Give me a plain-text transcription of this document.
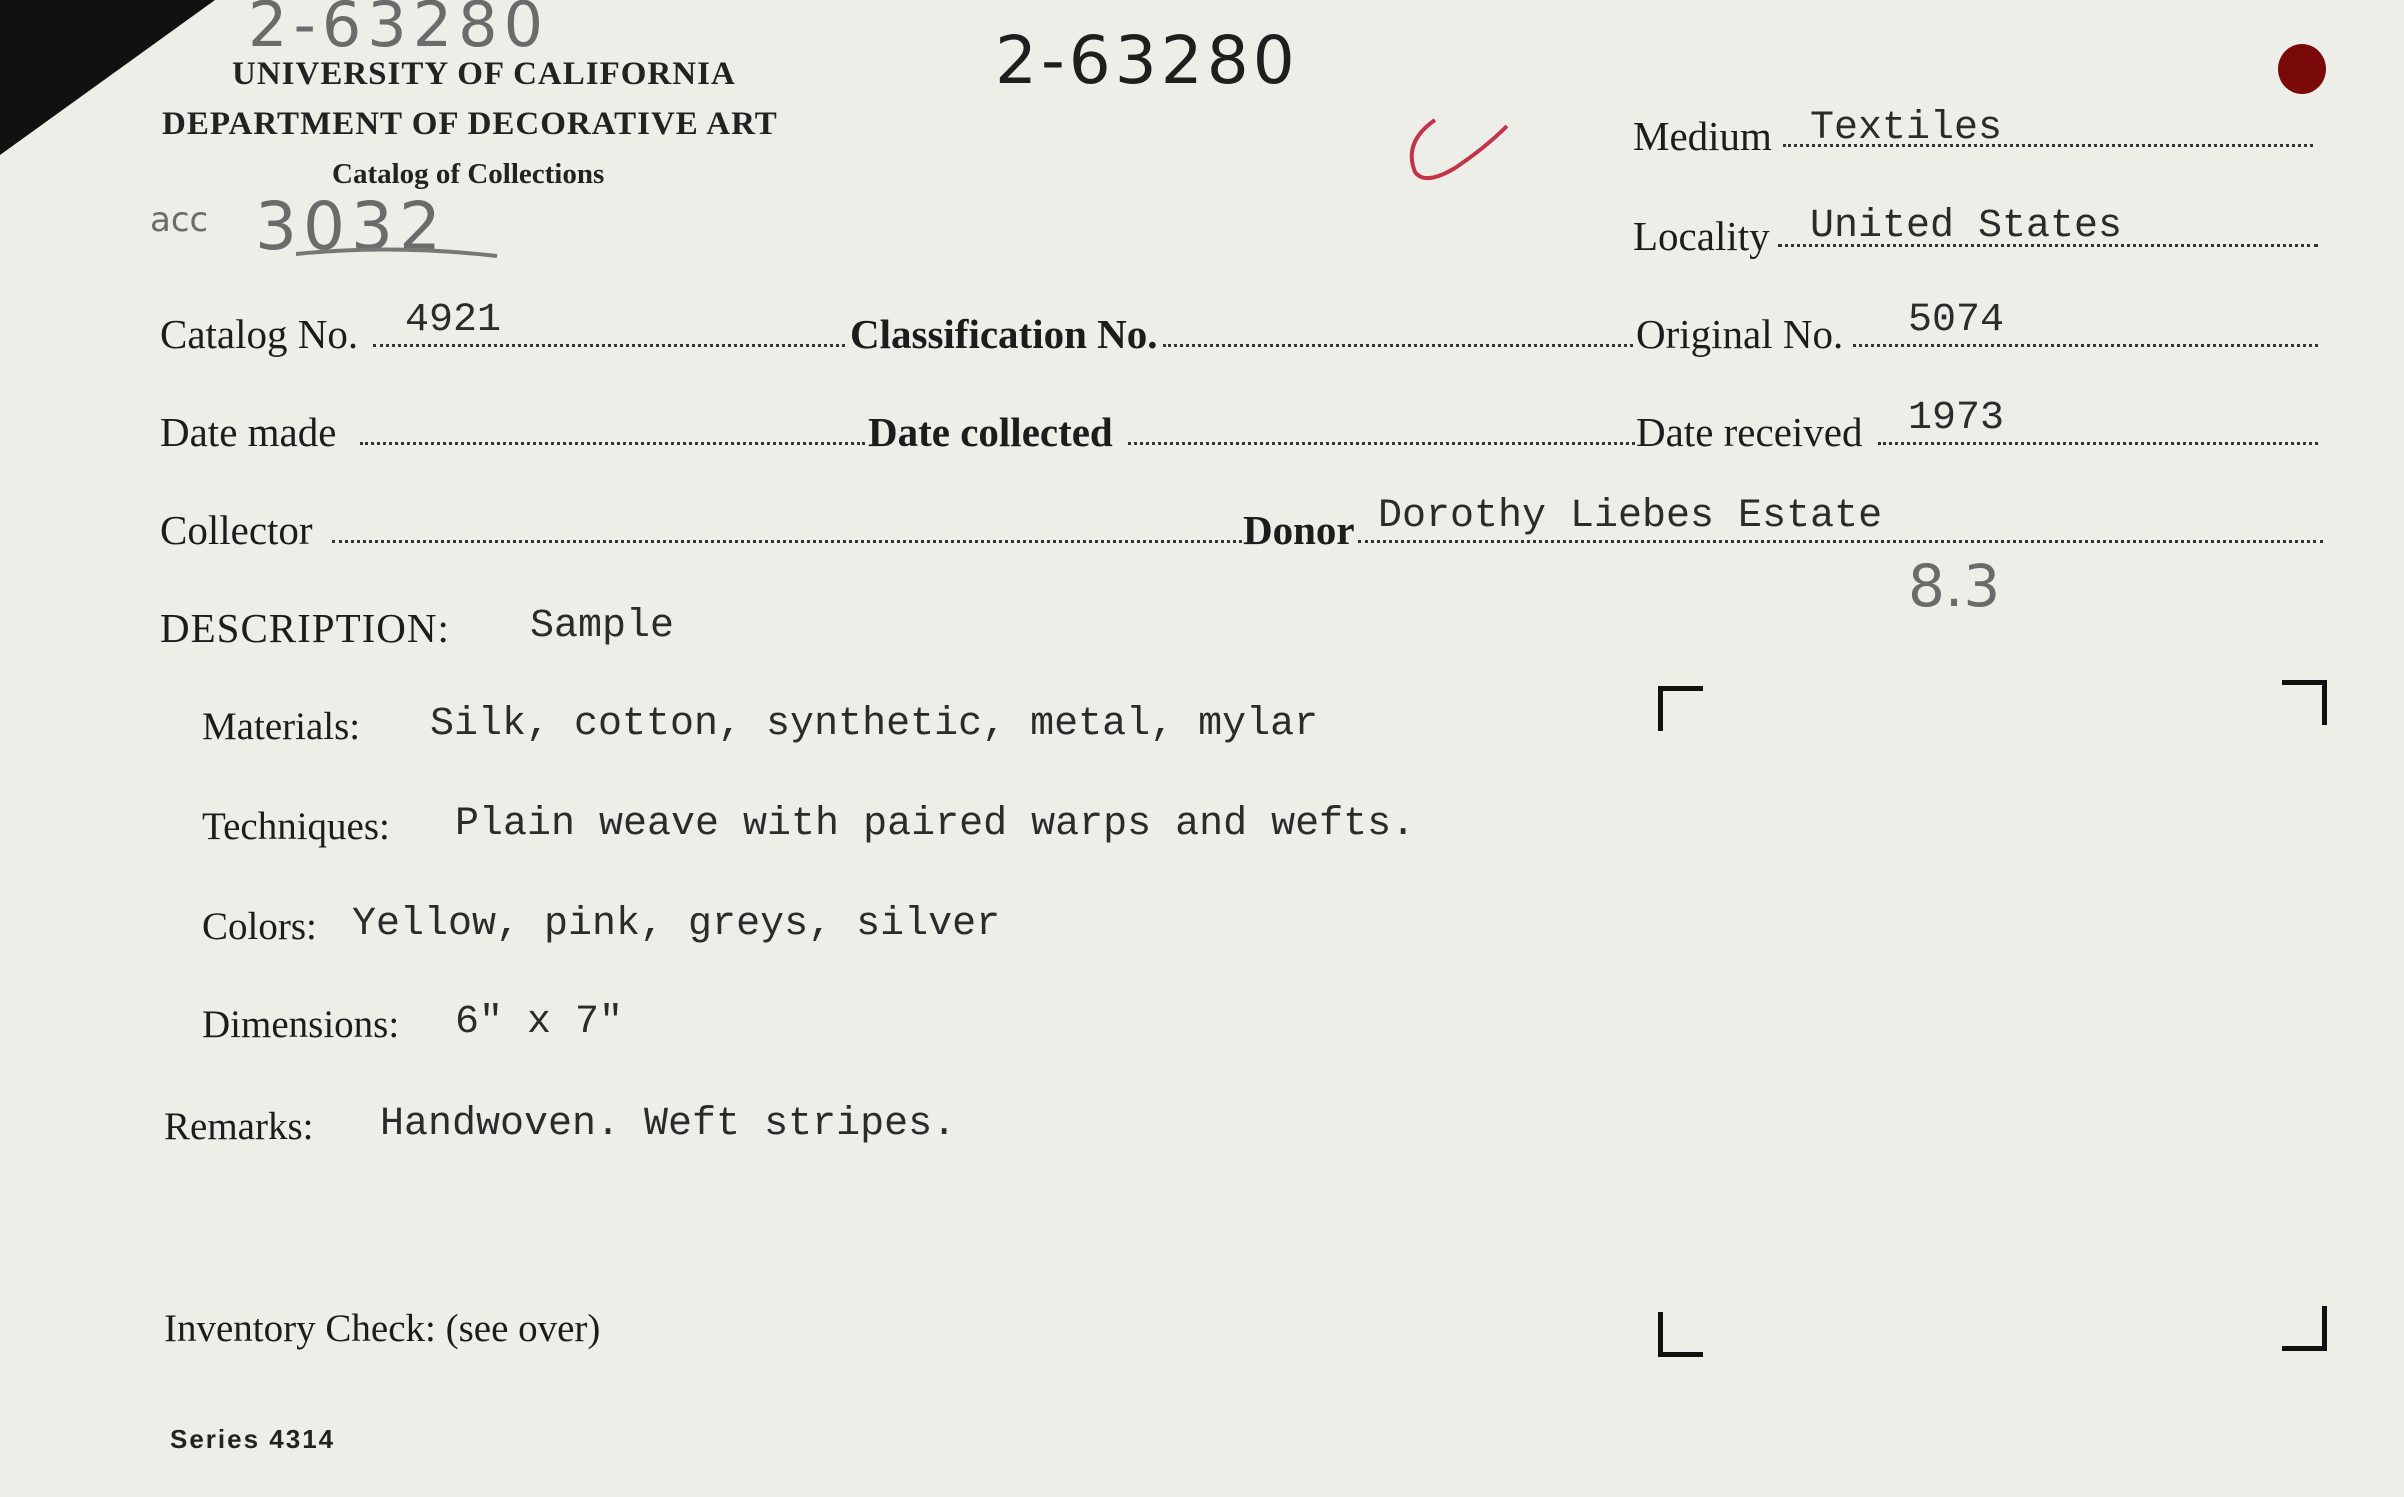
2-63280	2-63280
acc 3032
UNIVERSITY OF CALIFORNIA
DEPARTMENT OF DECORATIVE ART
Catalog of Collections
Medium Textiles
Locality United States
Catalog No. 4921	Classification No.	Original No. 5074
Date made	Date collected	Date received 1973
Collector	Donor Dorothy Liebes Estate
8.3
DESCRIPTION: Sample
Materials: Silk, cotton, synthetic, metal, mylar
Techniques: Plain weave with paired warps and wefts.
Colors: Yellow, pink, greys, silver
Dimensions: 6" x 7"
Remarks: Handwoven. Weft stripes.
Inventory Check: (see over)
Series 4314
